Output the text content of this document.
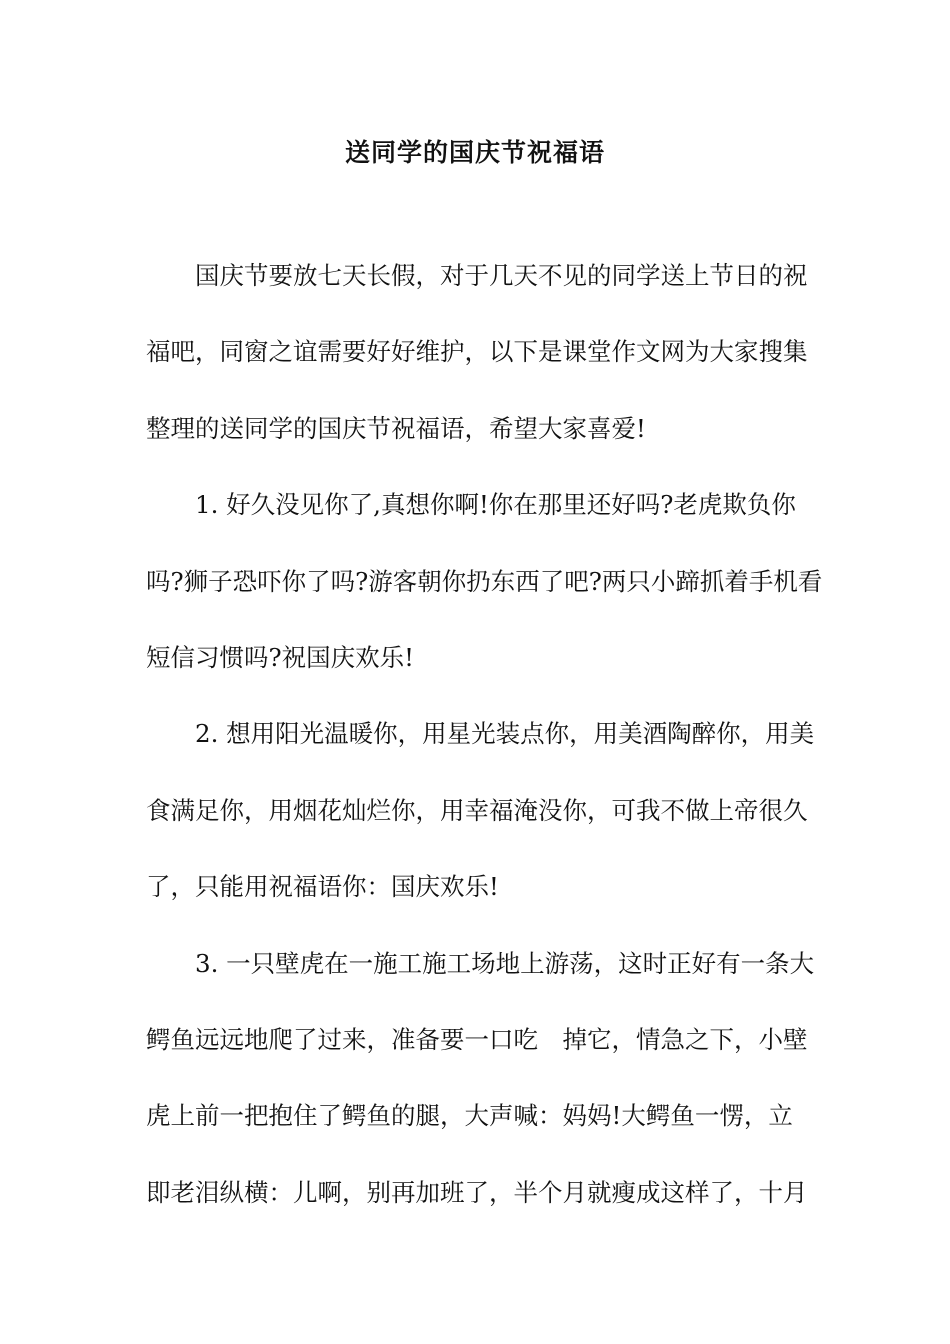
送同学的国庆节祝福语
国庆节要放七天长假，对于几天不见的同学送上节日的祝
福吧，同窗之谊需要好好维护，以下是课堂作文网为大家搜集
整理的送同学的国庆节祝福语，希望大家喜爱!
1. 好久没见你了,真想你啊!你在那里还好吗?老虎欺负你
吗?狮子恐吓你了吗?游客朝你扔东西了吧?两只小蹄抓着手机看
短信习惯吗?祝国庆欢乐!
2. 想用阳光温暖你，用星光装点你，用美酒陶醉你，用美
食满足你，用烟花灿烂你，用幸福淹没你，可我不做上帝很久
了，只能用祝福语你：国庆欢乐!
3. 一只壁虎在一施工施工场地上游荡，这时正好有一条大
鳄鱼远远地爬了过来，准备要一口吃　掉它，情急之下，小壁
虎上前一把抱住了鳄鱼的腿，大声喊：妈妈!大鳄鱼一愣，立
即老泪纵横：儿啊，别再加班了，半个月就瘦成这样了，十月
